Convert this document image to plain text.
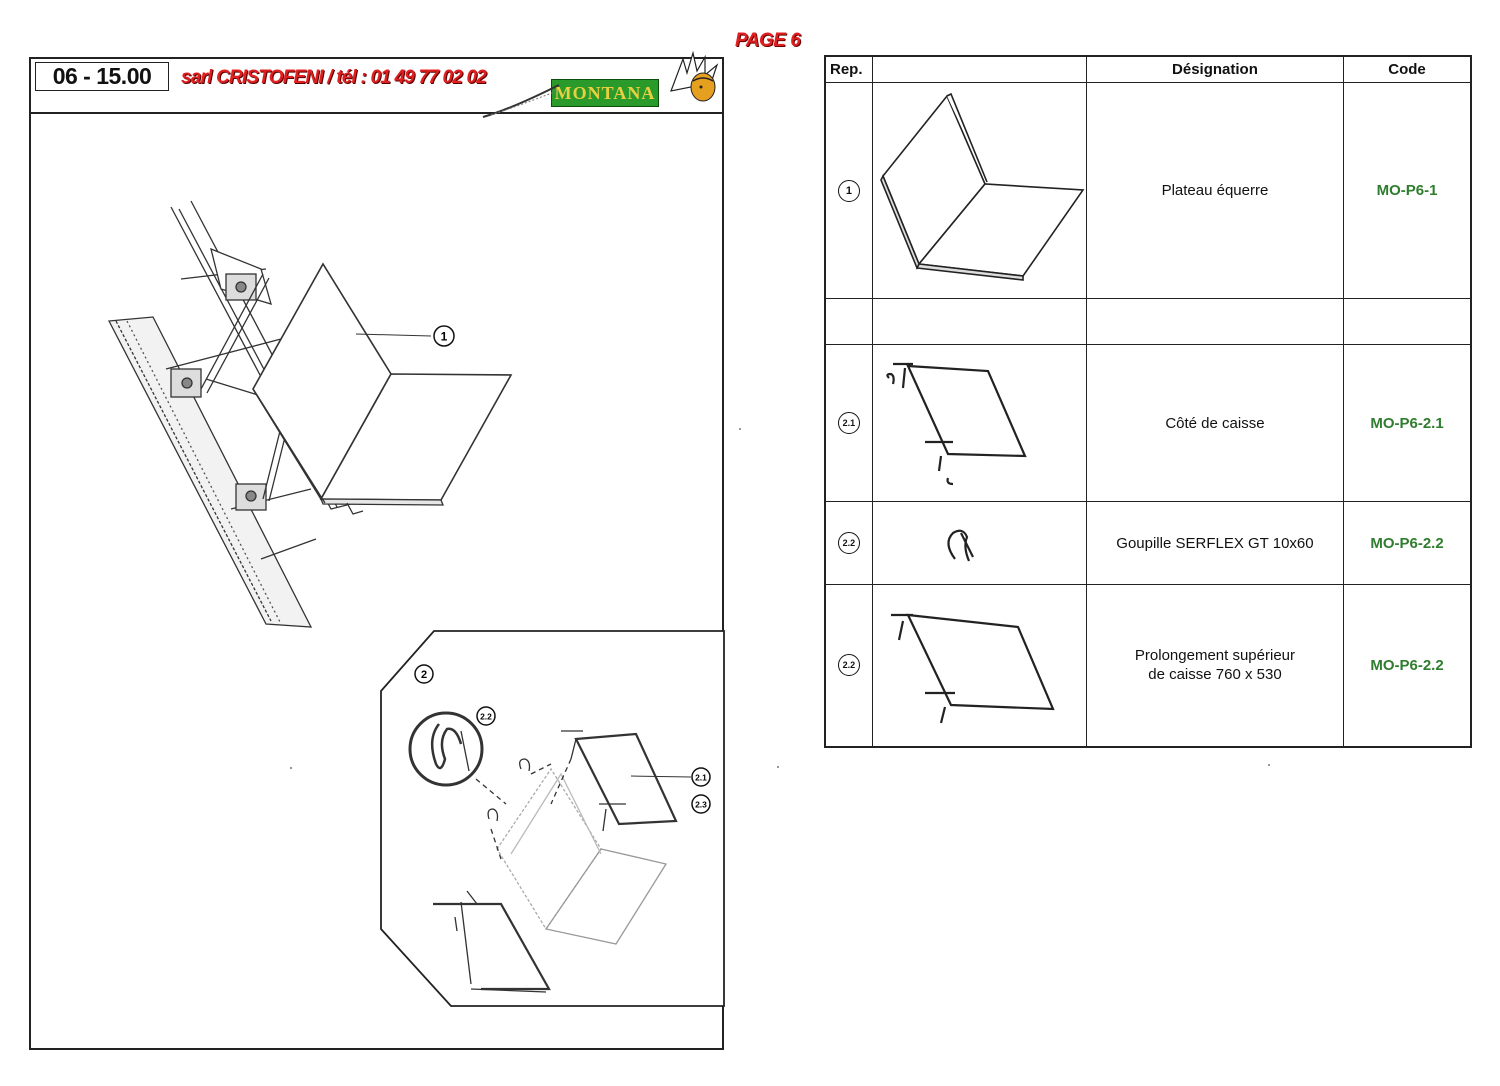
PAGE 6
06 - 15.00	sarl CRISTOFENI / tél : 01 49 77 02 02
MONTANA
1
2
2.2
2.1
2.3
Rep.		Désignation	Code
1		Plateau équerre	MO-P6-1

2.1		Côté de caisse	MO-P6-2.1
2.2		Goupille SERFLEX GT 10x60	MO-P6-2.2
2.2		Prolongement supérieur
de caisse 760 x 530	MO-P6-2.2
